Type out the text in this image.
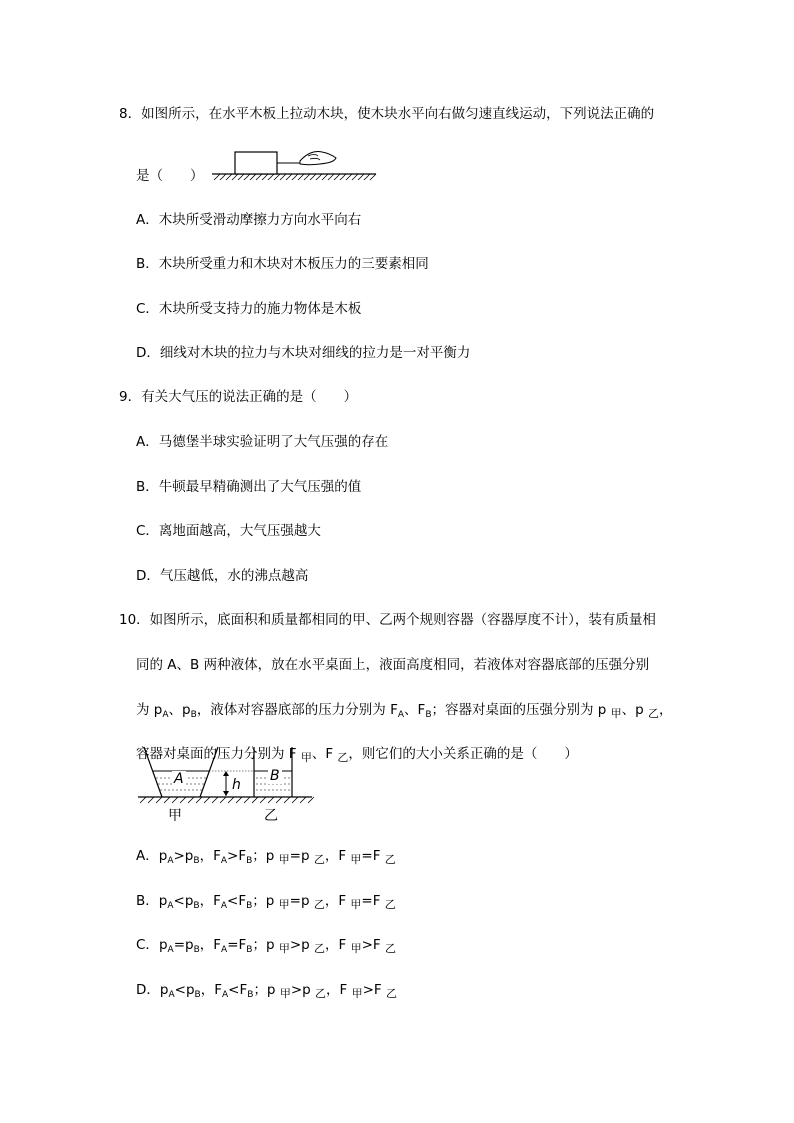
8．如图所示，在水平木板上拉动木块，使木块水平向右做匀速直线运动，下列说法正确的
是（　　）
A．木块所受滑动摩擦力方向水平向右
B．木块所受重力和木块对木板压力的三要素相同
C．木块所受支持力的施力物体是木板
D．细线对木块的拉力与木块对细线的拉力是一对平衡力
9．有关大气压的说法正确的是（　　）
A．马德堡半球实验证明了大气压强的存在
B．牛顿最早精确测出了大气压强的值
C．离地面越高，大气压强越大
D．气压越低，水的沸点越高
10．如图所示，底面积和质量都相同的甲、乙两个规则容器（容器厚度不计），装有质量相
同的 A、B 两种液体，放在水平桌面上，液面高度相同，若液体对容器底部的压强分别
为 $p_A$、$p_B$，液体对容器底部的压力分别为 $F_A$、$F_B$；容器对桌面的压强分别为 p $_甲$、p $_乙$，
容器对桌面的压力分别为 F $_甲$、F $_乙$，则它们的大小关系正确的是（　　）
A	B
h
甲	乙
A．$p_A>p_B$，$F_A>F_B$；p $_甲$=p $_乙$，F $_甲$=F $_乙$
B．$p_A<p_B$，$F_A<F_B$；p $_甲$=p $_乙$，F $_甲$=F $_乙$
C．$p_A=p_B$，$F_A=F_B$；p $_甲$>p $_乙$，F $_甲$>F $_乙$
D．$p_A<p_B$，$F_A<F_B$；p $_甲$>p $_乙$，F $_甲$>F $_乙$
